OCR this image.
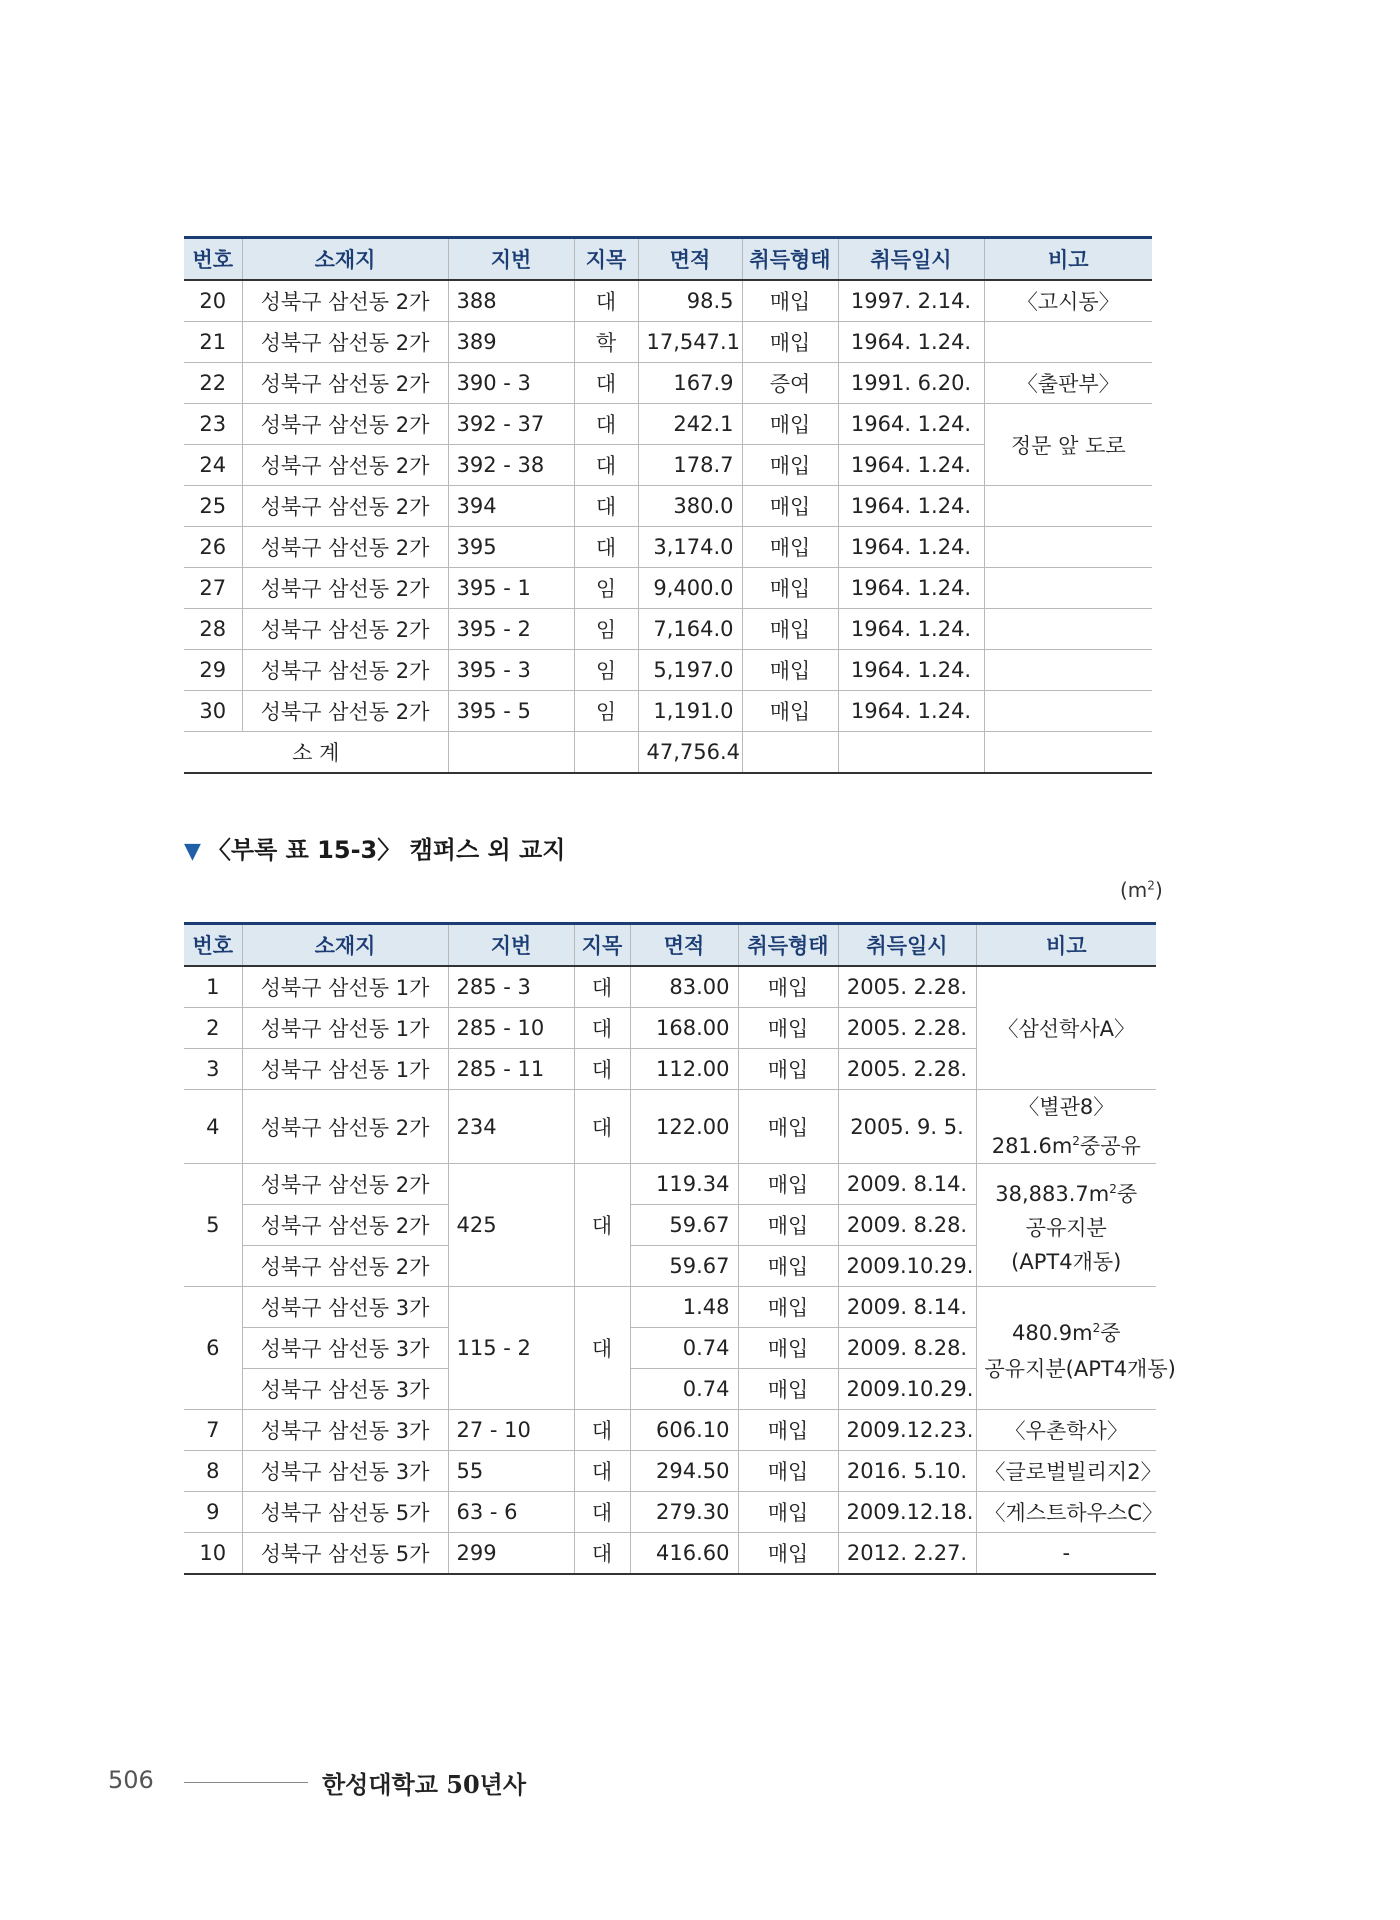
번호	소재지	지번	지목	면적	취득형태	취득일시	비고
20	성북구 삼선동 2가	388	대	98.5	매입	1997. 2.14.	〈고시동〉
21	성북구 삼선동 2가	389	학	17,547.1	매입	1964. 1.24.	
22	성북구 삼선동 2가	390 - 3	대	167.9	증여	1991. 6.20.	〈출판부〉
23	성북구 삼선동 2가	392 - 37	대	242.1	매입	1964. 1.24.	정문 앞 도로
24	성북구 삼선동 2가	392 - 38	대	178.7	매입	1964. 1.24.	
25	성북구 삼선동 2가	394	대	380.0	매입	1964. 1.24.	
26	성북구 삼선동 2가	395	대	3,174.0	매입	1964. 1.24.	
27	성북구 삼선동 2가	395 - 1	임	9,400.0	매입	1964. 1.24.	
28	성북구 삼선동 2가	395 - 2	임	7,164.0	매입	1964. 1.24.	
29	성북구 삼선동 2가	395 - 3	임	5,197.0	매입	1964. 1.24.	
30	성북구 삼선동 2가	395 - 5	임	1,191.0	매입	1964. 1.24.	
소 계				47,756.4			
▼ 〈부록 표 15-3〉 캠퍼스 외 교지
$(m^2)$
번호	소재지	지번	지목	면적	취득형태	취득일시	비고
1	성북구 삼선동 1가	285 - 3	대	83.00	매입	2005. 2.28.	〈삼선학사A〉
2	성북구 삼선동 1가	285 - 10	대	168.00	매입	2005. 2.28.	
3	성북구 삼선동 1가	285 - 11	대	112.00	매입	2005. 2.28.	
4	성북구 삼선동 2가	234	대	122.00	매입	2005. 9. 5.	〈별관8〉
$281.6m^2$중공유
5	성북구 삼선동 2가	425	대	119.34	매입	2009. 8.14.	$38,883.7m^2$중
공유지분
(APT4개동)
	성북구 삼선동 2가			59.67	매입	2009. 8.28.	
	성북구 삼선동 2가			59.67	매입	2009.10.29.	
6	성북구 삼선동 3가	115 - 2	대	1.48	매입	2009. 8.14.	$480.9m^2$중
공유지분(APT4개동)
	성북구 삼선동 3가			0.74	매입	2009. 8.28.	
	성북구 삼선동 3가			0.74	매입	2009.10.29.	
7	성북구 삼선동 3가	27 - 10	대	606.10	매입	2009.12.23.	〈우촌학사〉
8	성북구 삼선동 3가	55	대	294.50	매입	2016. 5.10.	〈글로벌빌리지2〉
9	성북구 삼선동 5가	63 - 6	대	279.30	매입	2009.12.18.	〈게스트하우스C〉
10	성북구 삼선동 5가	299	대	416.60	매입	2012. 2.27.	-
506	한성대학교 50년사
